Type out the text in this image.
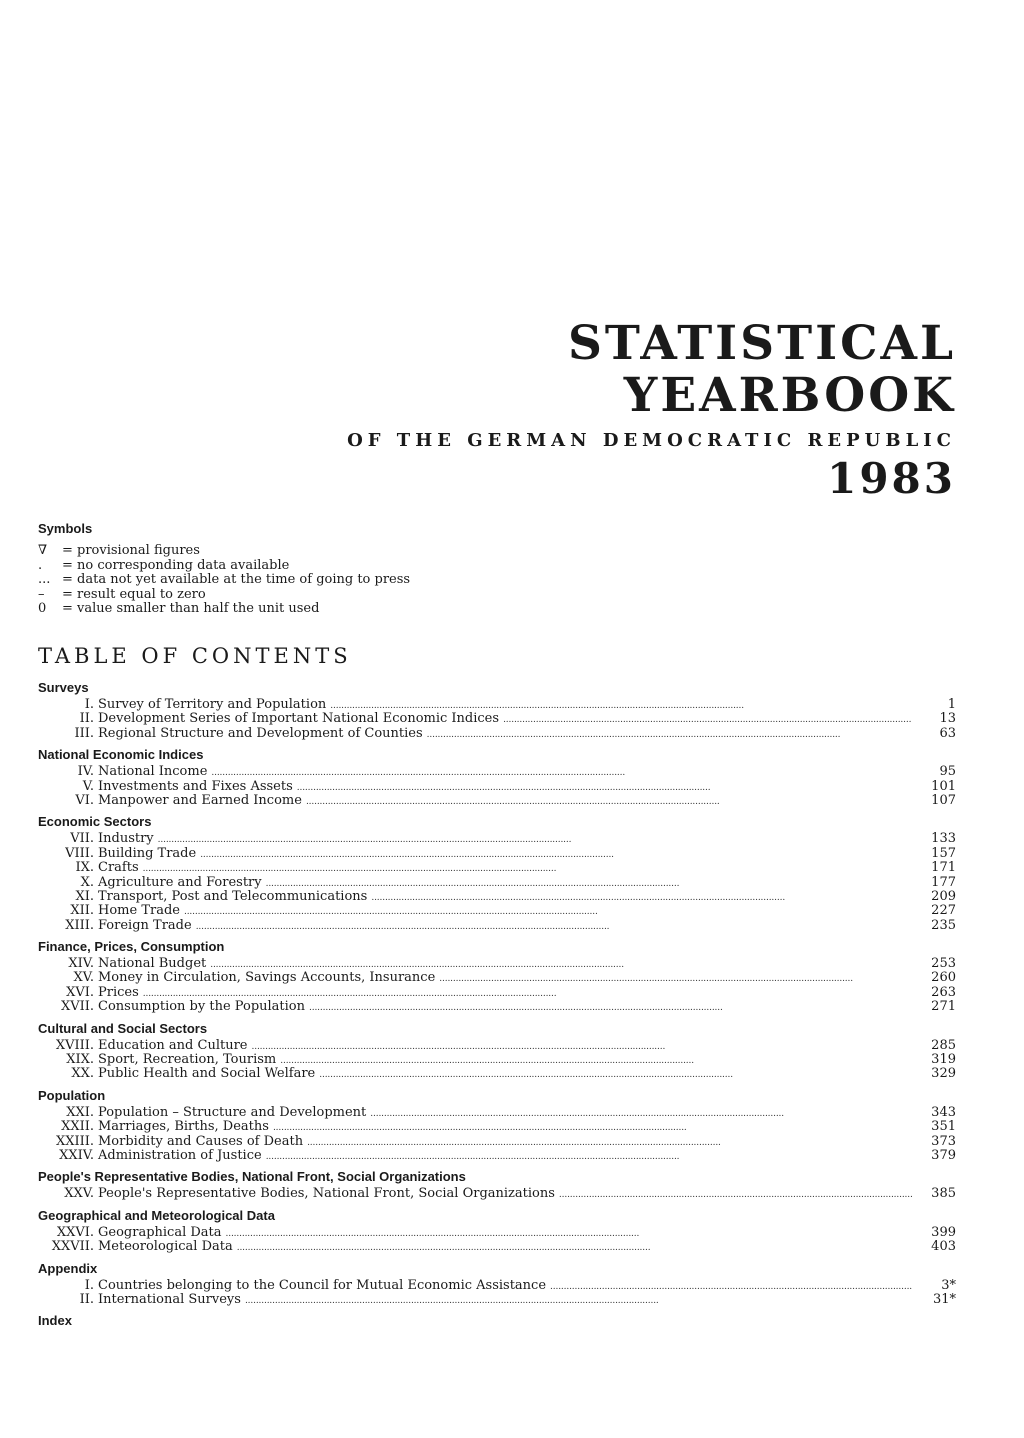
STATISTICAL
YEARBOOK
OF THE GERMAN DEMOCRATIC REPUBLIC
1983
Symbols
∇	= provisional figures
.	= no corresponding data available
... = data not yet available at the time of going to press
–	= result equal to zero
0	= value smaller than half the unit used
TABLE OF CONTENTS
Surveys
I. Survey of Territory and Population . . .	1
II. Development Series of Important National Economic Indices . . .	13
III. Regional Structure and Development of Counties . . .	63
National Economic Indices
IV. National Income . . .	95
V. Investments and Fixes Assets . . .	101
VI. Manpower and Earned Income . . .	107
Economic Sectors
VII. Industry . . .	133
VIII. Building Trade . . .	157
IX. Crafts . . .	171
X. Agriculture and Forestry . . .	177
XI. Transport, Post and Telecommunications . . .	209
XII. Home Trade . . .	227
XIII. Foreign Trade . . .	235
Finance, Prices, Consumption
XIV. National Budget . . .	253
XV. Money in Circulation, Savings Accounts, Insurance . . .	260
XVI. Prices . . .	263
XVII. Consumption by the Population . . .	271
Cultural and Social Sectors
XVIII. Education and Culture . . .	285
XIX. Sport, Recreation, Tourism . . .	319
XX. Public Health and Social Welfare . . .	329
Population
XXI. Population – Structure and Development . . .	343
XXII. Marriages, Births, Deaths . . .	351
XXIII. Morbidity and Causes of Death . . .	373
XXIV. Administration of Justice . . .	379
People's Representative Bodies, National Front, Social Organizations
XXV. People's Representative Bodies, National Front, Social Organizations . . .	385
Geographical and Meteorological Data
XXVI. Geographical Data . . .	399
XXVII. Meteorological Data . . .	403
Appendix
I. Countries belonging to the Council for Mutual Economic Assistance . . .	3*
II. International Surveys . . .	31*
Index
